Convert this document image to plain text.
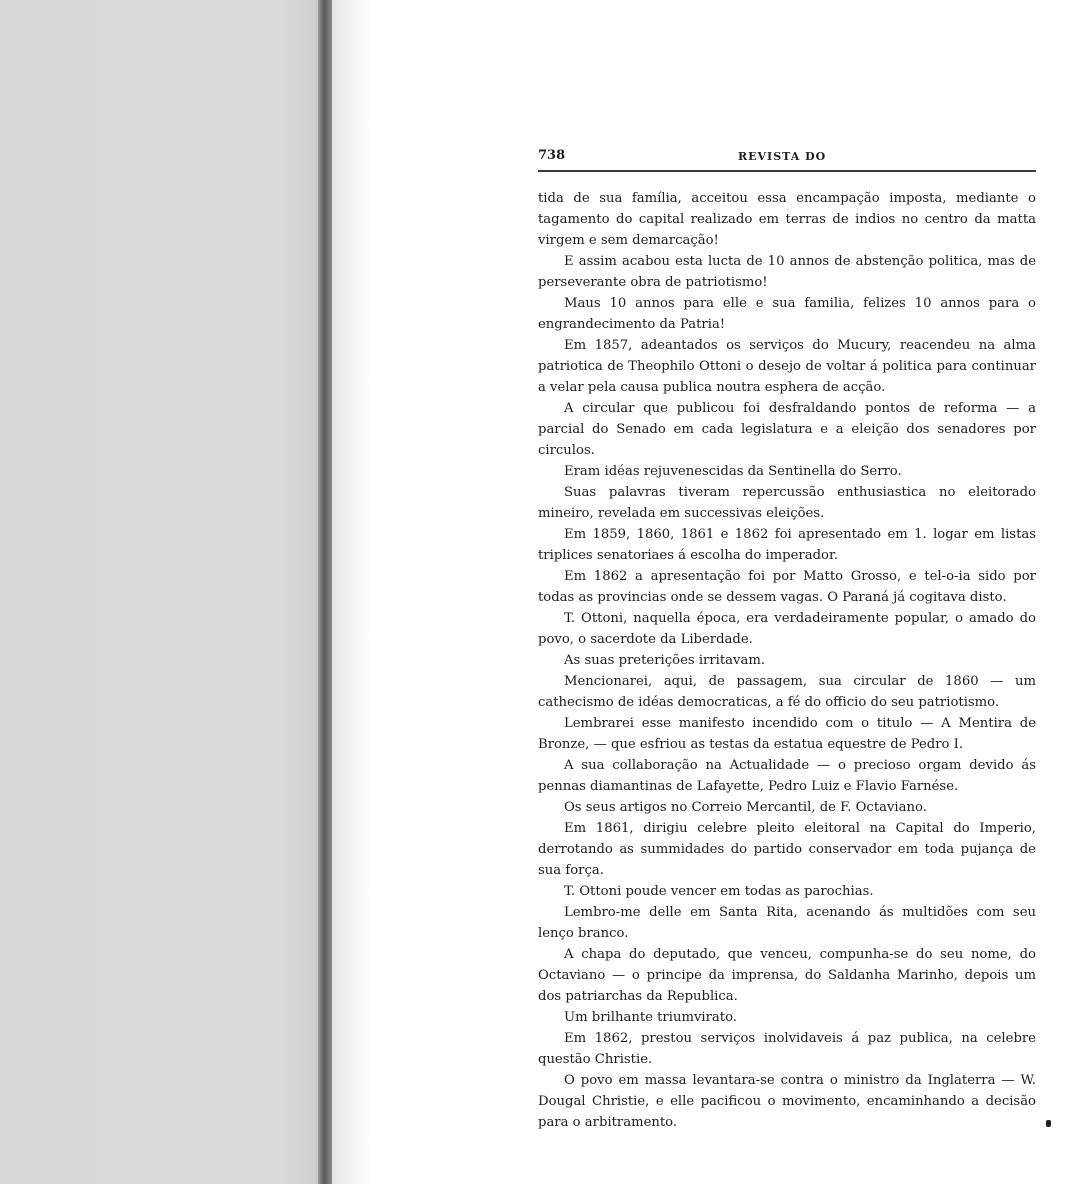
738	REVISTA DO

tida de sua família, acceitou essa encampação imposta, mediante o tagamento do capital realizado em terras de indios no centro da matta virgem e sem demarcação!

E assim acabou esta lucta de 10 annos de abstenção politica, mas de perseverante obra de patriotismo!

Maus 10 annos para elle e sua familia, felizes 10 annos para o engrandecimento da Patria!

Em 1857, adeantados os serviços do Mucury, reacendeu na alma patriotica de Theophilo Ottoni o desejo de voltar á politica para continuar a velar pela causa publica noutra esphera de acção.

A circular que publicou foi desfraldando pontos de reforma — a parcial do Senado em cada legislatura e a eleição dos senadores por circulos.

Eram idéas rejuvenescidas da Sentinella do Serro.

Suas palavras tiveram repercussão enthusiastica no eleitorado mineiro, revelada em successivas eleições.

Em 1859, 1860, 1861 e 1862 foi apresentado em 1. logar em listas triplices senatoriaes á escolha do imperador.

Em 1862 a apresentação foi por Matto Grosso, e tel-o-ia sido por todas as provincias onde se dessem vagas. O Paraná já cogitava disto.

T. Ottoni, naquella época, era verdadeiramente popular, o amado do povo, o sacerdote da Liberdade.

As suas preterições irritavam.

Mencionarei, aqui, de passagem, sua circular de 1860 — um cathecismo de idéas democraticas, a fé do officio do seu patriotismo.

Lembrarei esse manifesto incendido com o titulo — A Mentira de Bronze, — que esfriou as testas da estatua equestre de Pedro I.

A sua collaboração na Actualidade — o precioso orgam devido ás pennas diamantinas de Lafayette, Pedro Luiz e Flavio Farnése.

Os seus artigos no Correio Mercantil, de F. Octaviano.

Em 1861, dirigiu celebre pleito eleitoral na Capital do Imperio, derrotando as summidades do partido conservador em toda pujança de sua força.

T. Ottoni poude vencer em todas as parochias.

Lembro-me delle em Santa Rita, acenando ás multidões com seu lenço branco.

A chapa do deputado, que venceu, compunha-se do seu nome, do Octaviano — o principe da imprensa, do Saldanha Marinho, depois um dos patriarchas da Republica.

Um brilhante triumvirato.

Em 1862, prestou serviços inolvidaveis á paz publica, na celebre questão Christie.

O povo em massa levantara-se contra o ministro da Inglaterra — W. Dougal Christie, e elle pacificou o movimento, encaminhando a decisão para o arbitramento.
